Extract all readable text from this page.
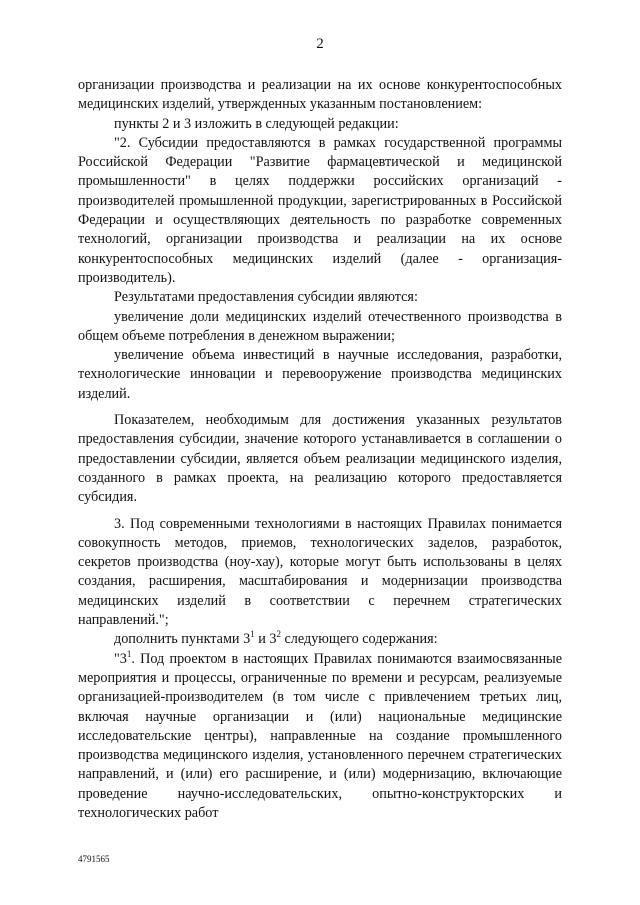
2

организации производства и реализации на их основе конкурентоспособных медицинских изделий, утвержденных указанным постановлением:

пункты 2 и 3 изложить в следующей редакции:

"2. Субсидии предоставляются в рамках государственной программы Российской Федерации "Развитие фармацевтической и медицинской промышленности" в целях поддержки российских организаций - производителей промышленной продукции, зарегистрированных в Российской Федерации и осуществляющих деятельность по разработке современных технологий, организации производства и реализации на их основе конкурентоспособных медицинских изделий (далее - организация-производитель).

Результатами предоставления субсидии являются:

увеличение доли медицинских изделий отечественного производства в общем объеме потребления в денежном выражении;

увеличение объема инвестиций в научные исследования, разработки, технологические инновации и перевооружение производства медицинских изделий.

Показателем, необходимым для достижения указанных результатов предоставления субсидии, значение которого устанавливается в соглашении о предоставлении субсидии, является объем реализации медицинского изделия, созданного в рамках проекта, на реализацию которого предоставляется субсидия.

3. Под современными технологиями в настоящих Правилах понимается совокупность методов, приемов, технологических заделов, разработок, секретов производства (ноу-хау), которые могут быть использованы в целях создания, расширения, масштабирования и модернизации производства медицинских изделий в соответствии с перечнем стратегических направлений.";

дополнить пунктами $3^1$ и $3^2$ следующего содержания:

"$3^1$. Под проектом в настоящих Правилах понимаются взаимосвязанные мероприятия и процессы, ограниченные по времени и ресурсам, реализуемые организацией-производителем (в том числе с привлечением третьих лиц, включая научные организации и (или) национальные медицинские исследовательские центры), направленные на создание промышленного производства медицинского изделия, установленного перечнем стратегических направлений, и (или) его расширение, и (или) модернизацию, включающие проведение научно-исследовательских, опытно-конструкторских и технологических работ

4791565
